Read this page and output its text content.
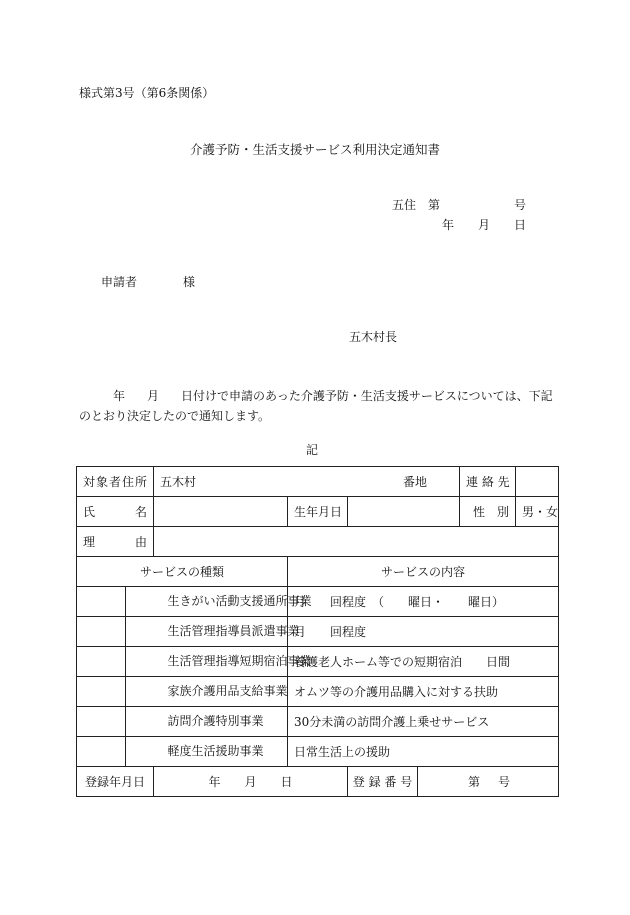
様式第3号（第6条関係）
介護予防・生活支援サービス利用決定通知書
五住 第	号
年 月 日
申請者	様
五木村長
年 月 日付けで申請のあった介護予防・生活支援サービスについては、下記のとおり決定したので通知します。
記
対象者住所		五木村 番地			連 絡 先	
氏　　　名			生年月日		性　別	男・女
理　　　由						
サービスの種類			サービスの内容			
	生きがい活動支援通所事業		月　　回程度　（　　曜日・　　曜日）			
	生活管理指導員派遣事業		月　　回程度			
	生活管理指導短期宿泊事業		養護老人ホーム等での短期宿泊　　日間			
	家族介護用品支給事業		オムツ等の介護用品購入に対する扶助			
	訪問介護特別事業		30分未満の訪問介護上乗せサービス			
	軽度生活援助事業		日常生活上の援助			
登録年月日		年　　月　　日		登 録 番 号 第 号		
